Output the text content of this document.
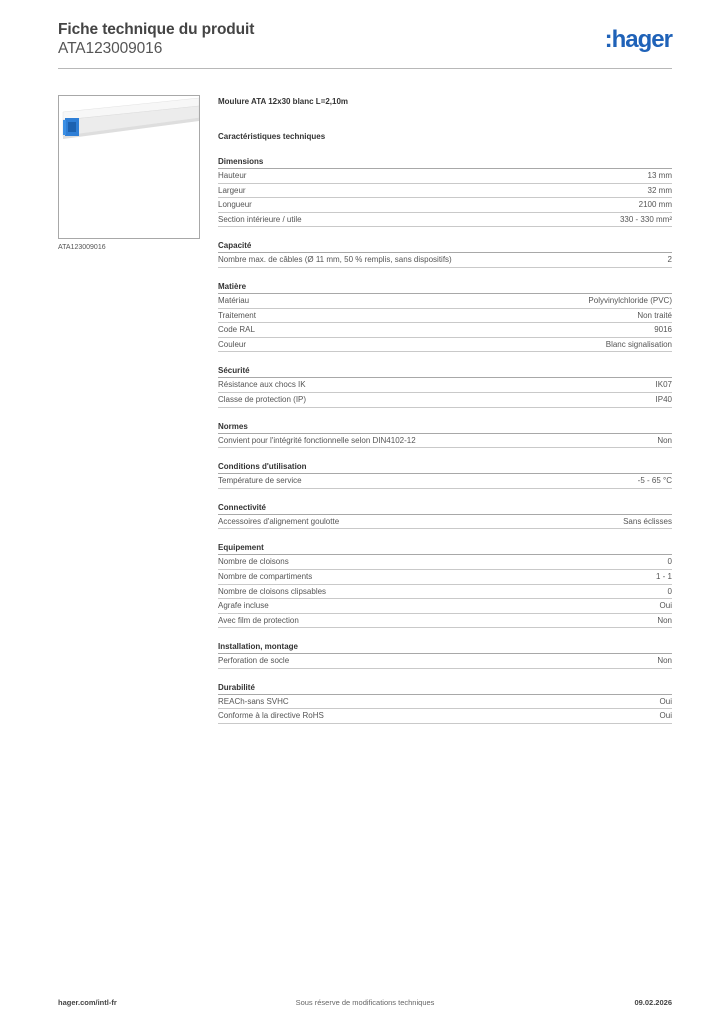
Fiche technique du produit
ATA123009016	:hager
ATA123009016
Moulure ATA 12x30 blanc L=2,10m
Caractéristiques techniques
Dimensions
Hauteur	13 mm
Largeur	32 mm
Longueur	2100 mm
Section intérieure / utile	330 - 330 mm²
Capacité
Nombre max. de câbles (Ø 11 mm, 50 % remplis, sans dispositifs)	2
Matière
Matériau	Polyvinylchloride (PVC)
Traitement	Non traité
Code RAL	9016
Couleur	Blanc signalisation
Sécurité
Résistance aux chocs IK	IK07
Classe de protection (IP)	IP40
Normes
Convient pour l'intégrité fonctionnelle selon DIN4102-12	Non
Conditions d'utilisation
Température de service	-5 - 65 °C
Connectivité
Accessoires d'alignement goulotte	Sans éclisses
Equipement
Nombre de cloisons	0
Nombre de compartiments	1 - 1
Nombre de cloisons clipsables	0
Agrafe incluse	Oui
Avec film de protection	Non
Installation, montage
Perforation de socle	Non
Durabilité
REACh-sans SVHC	Oui
Conforme à la directive RoHS	Oui
hager.com/intl-fr	Sous réserve de modifications techniques	09.02.2026
